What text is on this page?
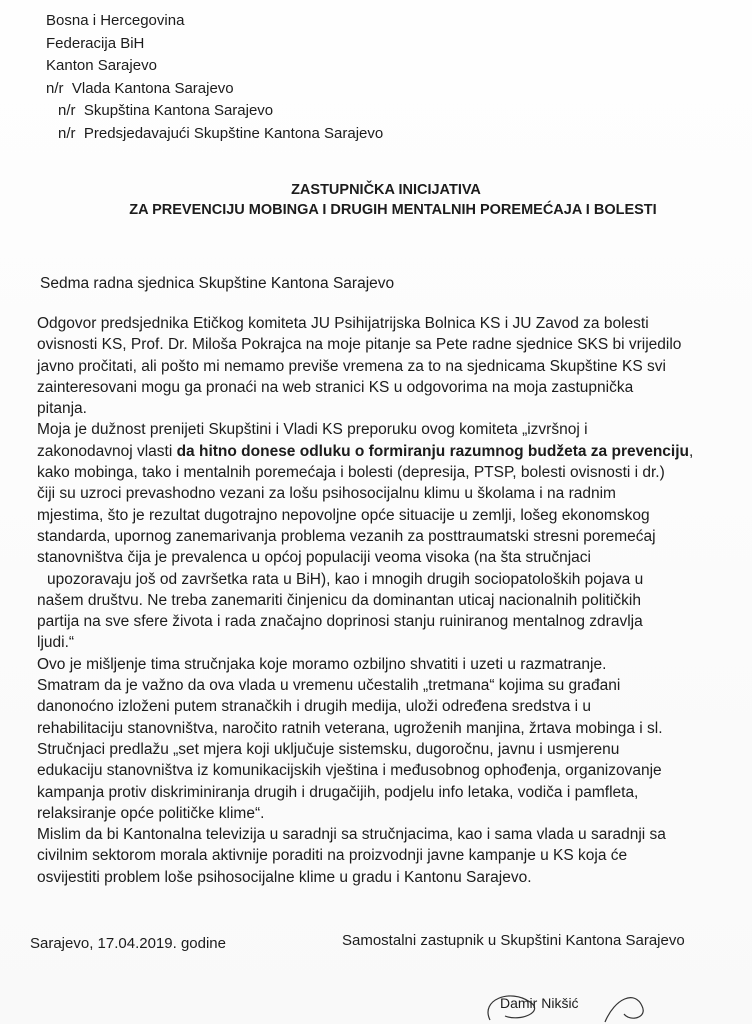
Bosna i Hercegovina
Federacija BiH
Kanton Sarajevo
n/r Vlada Kantona Sarajevo
n/r Skupština Kantona Sarajevo
n/r Predsjedavajući Skupštine Kantona Sarajevo
ZASTUPNIČKA INICIJATIVA
ZA PREVENCIJU MOBINGA I DRUGIH MENTALNIH POREMEĆAJA I BOLESTI
Sedma radna sjednica Skupštine Kantona Sarajevo

Odgovor predsjednika Etičkog komiteta JU Psihijatrijska Bolnica KS i JU Zavod za bolesti

ovisnosti KS, Prof. Dr. Miloša Pokrajca na moje pitanje sa Pete radne sjednice SKS bi vrijedilo

javno pročitati, ali pošto mi nemamo previše vremena za to na sjednicama Skupštine KS svi

zainteresovani mogu ga pronaći na web stranici KS u odgovorima na moja zastupnička

pitanja.

Moja je dužnost prenijeti Skupštini i Vladi KS preporuku ovog komiteta „izvršnoj i

zakonodavnoj vlasti da hitno donese odluku o formiranju razumnog budžeta za prevenciju,

kako mobinga, tako i mentalnih poremećaja i bolesti (depresija, PTSP, bolesti ovisnosti i dr.)

čiji su uzroci prevashodno vezani za lošu psihosocijalnu klimu u školama i na radnim

mjestima, što je rezultat dugotrajno nepovoljne opće situacije u zemlji, lošeg ekonomskog

standarda, upornog zanemarivanja problema vezanih za posttraumatski stresni poremećaj

stanovništva čija je prevalenca u općoj populaciji veoma visoka (na šta stručnjaci

upozoravaju još od završetka rata u BiH), kao i mnogih drugih sociopatoloških pojava u

našem društvu. Ne treba zanemariti činjenicu da dominantan uticaj nacionalnih političkih

partija na sve sfere života i rada značajno doprinosi stanju ruiniranog mentalnog zdravlja

ljudi.“

Ovo je mišljenje tima stručnjaka koje moramo ozbiljno shvatiti i uzeti u razmatranje.

Smatram da je važno da ova vlada u vremenu učestalih „tretmana“ kojima su građani

danonoćno izloženi putem stranačkih i drugih medija, uloži određena sredstva i u

rehabilitaciju stanovništva, naročito ratnih veterana, ugroženih manjina, žrtava mobinga i sl.

Stručnjaci predlažu „set mjera koji uključuje sistemsku, dugoročnu, javnu i usmjerenu

edukaciju stanovništva iz komunikacijskih vještina i međusobnog ophođenja, organizovanje

kampanja protiv diskriminiranja drugih i drugačijih, podjelu info letaka, vodiča i pamfleta,

relaksiranje opće političke klime“.

Mislim da bi Kantonalna televizija u saradnji sa stručnjacima, kao i sama vlada u saradnji sa

civilnim sektorom morala aktivnije poraditi na proizvodnji javne kampanje u KS koja će

osvijestiti problem loše psihosocijalne klime u gradu i Kantonu Sarajevo.

Sarajevo, 17.04.2019. godine	Samostalni zastupnik u Skupštini Kantona Sarajevo
Damir Nikšić
